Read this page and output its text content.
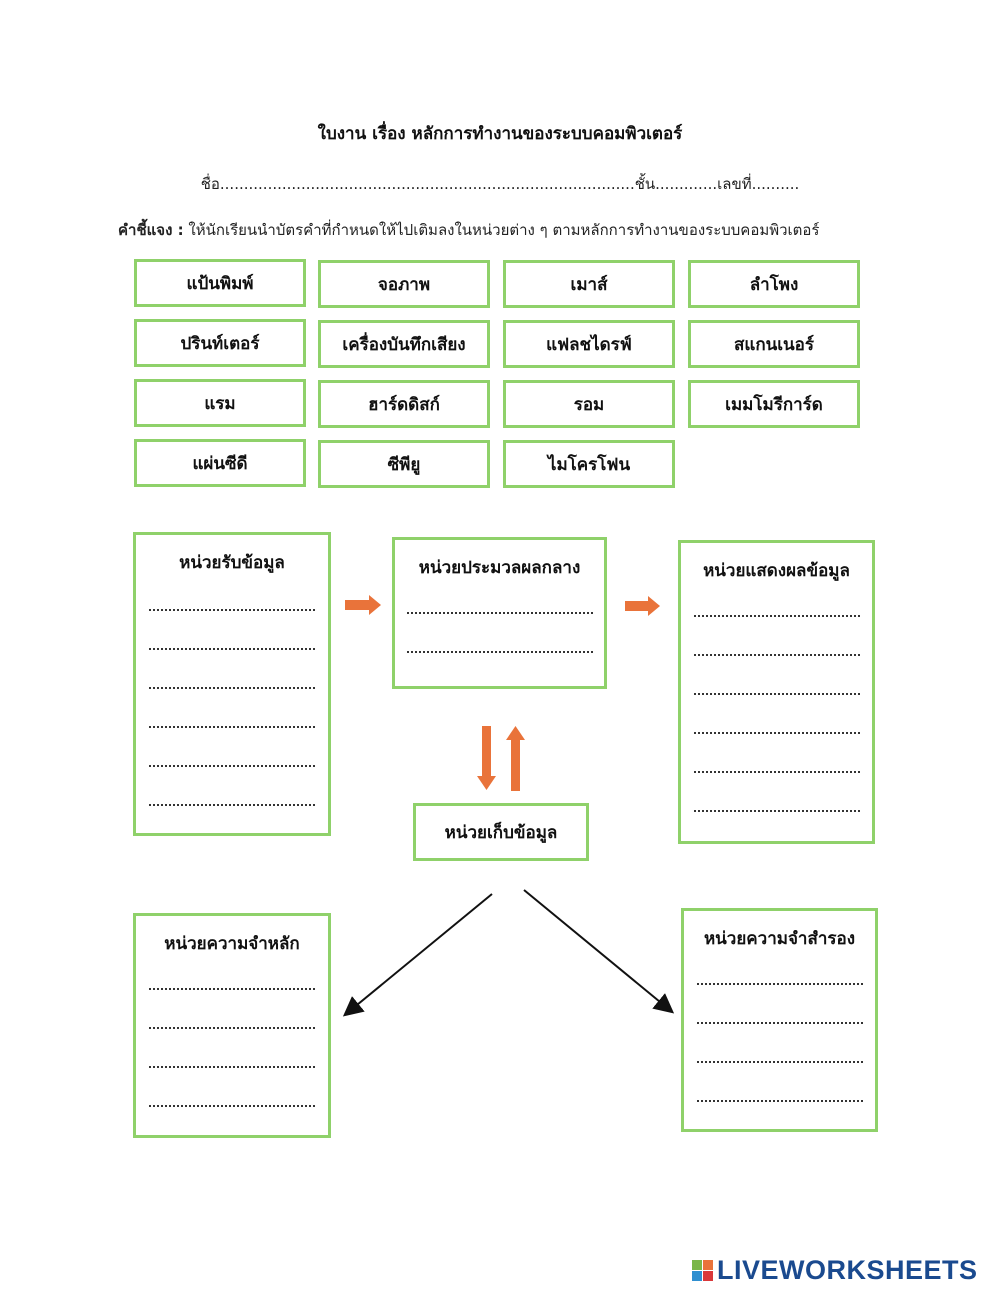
ใบงาน เรื่อง หลักการทำงานของระบบคอมพิวเตอร์
ชื่อ.......................................................................................ชั้น.............เลขที่..........
คำชี้แจง : ให้นักเรียนนำบัตรคำที่กำหนดให้ไปเติมลงในหน่วยต่าง ๆ ตามหลักการทำงานของระบบคอมพิวเตอร์
แป้นพิมพ์	จอภาพ	เมาส์	ลำโพง
ปรินท์เตอร์	เครื่องบันทึกเสียง	แฟลชไดรฟ์	สแกนเนอร์
แรม	ฮาร์ดดิสก์	รอม	เมมโมรีการ์ด
แผ่นซีดี	ซีพียู	ไมโครโฟน
หน่วยรับข้อมูล	หน่วยประมวลผลกลาง	หน่วยแสดงผลข้อมูล
หน่วยเก็บข้อมูล
หน่วยความจำหลัก	หน่วยความจำสำรอง
LIVEWORKSHEETS
